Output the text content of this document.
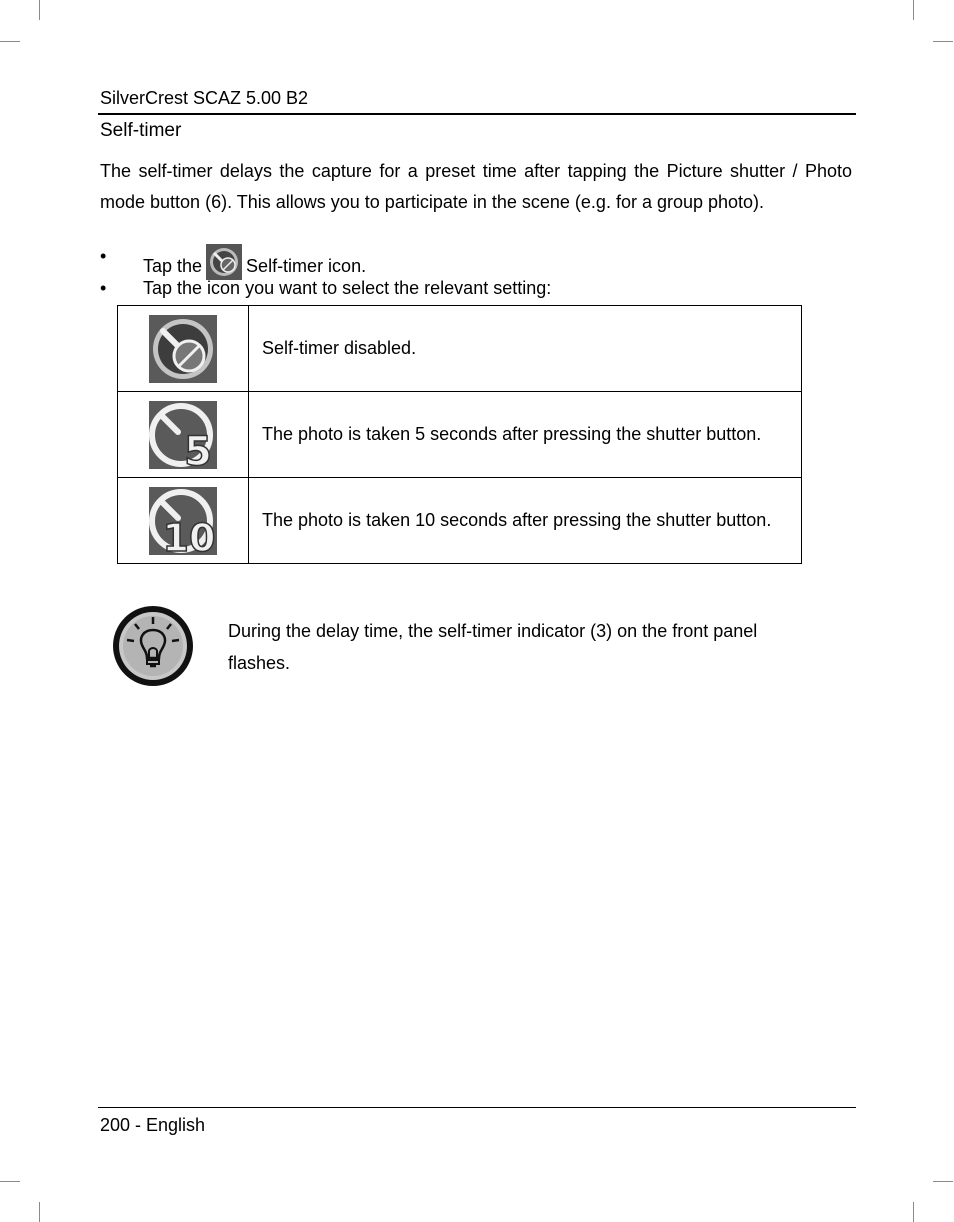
SilverCrest SCAZ 5.00 B2
Self-timer

The self-timer delays the capture for a preset time after tapping the Picture shutter / Photo mode button (6). This allows you to participate in the scene (e.g. for a group photo).

• Tap the Self-timer icon.
• Tap the icon you want to select the relevant setting:
	Self-timer disabled.

5	The photo is taken 5 seconds after pressing the shutter button.

10	The photo is taken 10 seconds after pressing the shutter button.
During the delay time, the self-timer indicator (3) on the front panel flashes.
200 - English
